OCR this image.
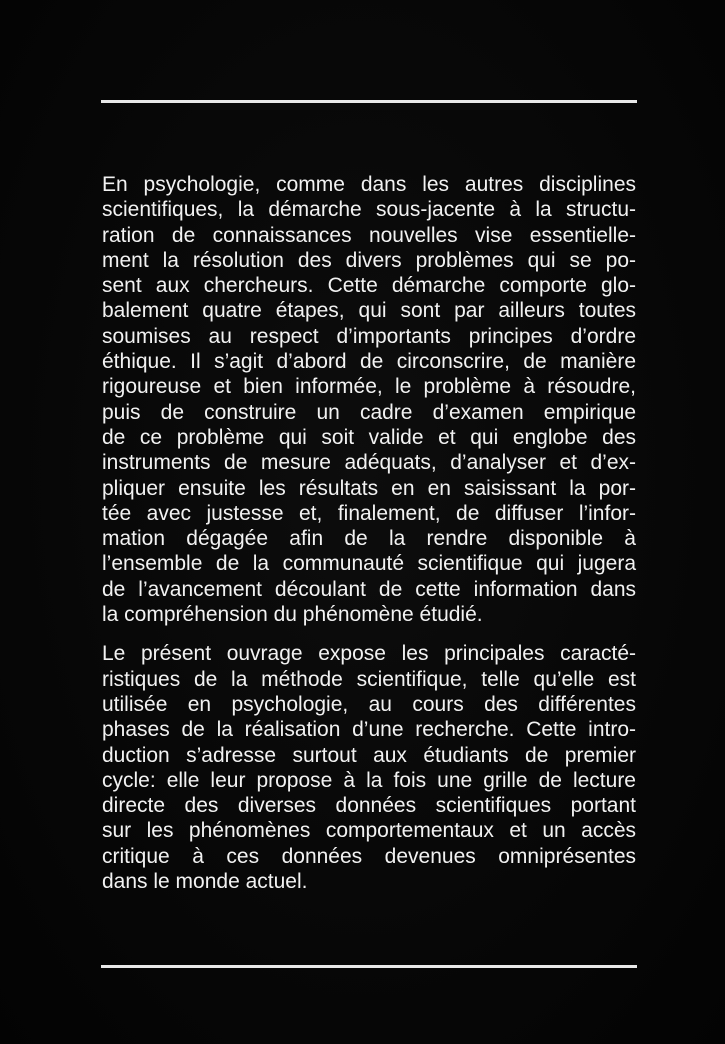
En psychologie, comme dans les autres disciplines
scientifiques, la démarche sous-jacente à la structu-
ration de connaissances nouvelles vise essentielle-
ment la résolution des divers problèmes qui se po-
sent aux chercheurs. Cette démarche comporte glo-
balement quatre étapes, qui sont par ailleurs toutes
soumises au respect d’importants principes d’ordre
éthique. Il s’agit d’abord de circonscrire, de manière
rigoureuse et bien informée, le problème à résoudre,
puis de construire un cadre d’examen empirique
de ce problème qui soit valide et qui englobe des
instruments de mesure adéquats, d’analyser et d’ex-
pliquer ensuite les résultats en en saisissant la por-
tée avec justesse et, finalement, de diffuser l’infor-
mation dégagée afin de la rendre disponible à
l’ensemble de la communauté scientifique qui jugera
de l’avancement découlant de cette information dans
la compréhension du phénomène étudié.

Le présent ouvrage expose les principales caracté-
ristiques de la méthode scientifique, telle qu’elle est
utilisée en psychologie, au cours des différentes
phases de la réalisation d’une recherche. Cette intro-
duction s’adresse surtout aux étudiants de premier
cycle: elle leur propose à la fois une grille de lecture
directe des diverses données scientifiques portant
sur les phénomènes comportementaux et un accès
critique à ces données devenues omniprésentes
dans le monde actuel.
